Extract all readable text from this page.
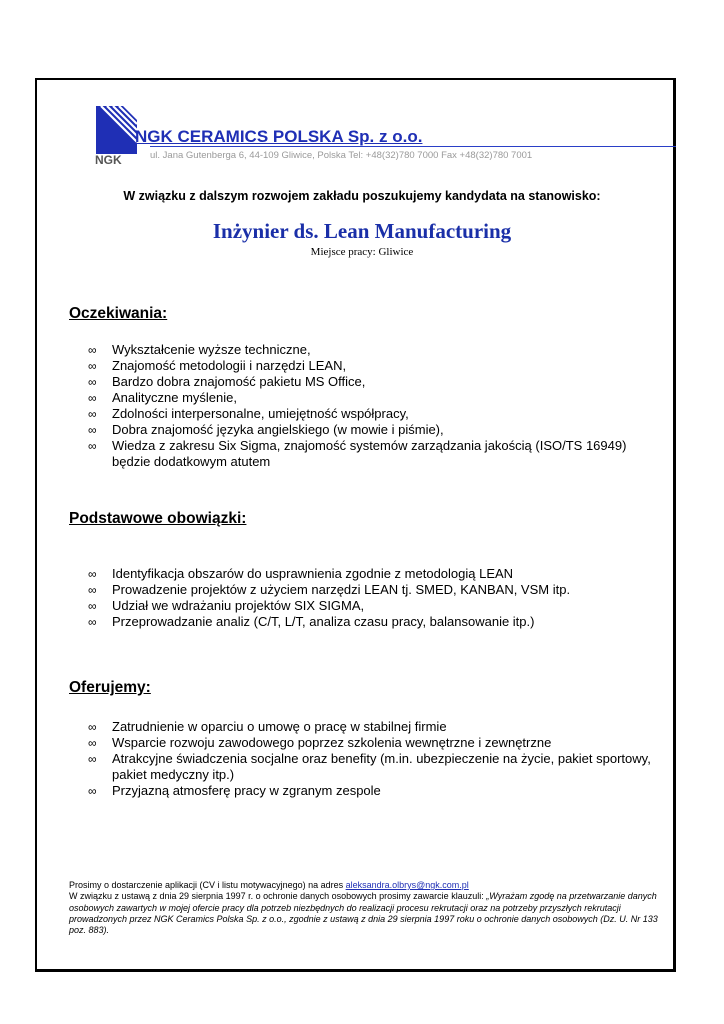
NGK
NGK CERAMICS POLSKA Sp. z o.o.
ul. Jana Gutenberga 6, 44-109 Gliwice, Polska Tel: +48(32)780 7000 Fax +48(32)780 7001
W związku z dalszym rozwojem zakładu poszukujemy kandydata na stanowisko:
Inżynier ds. Lean Manufacturing
Miejsce pracy: Gliwice
Oczekiwania:
∞ Wykształcenie wyższe techniczne,
∞ Znajomość metodologii i narzędzi LEAN,
∞ Bardzo dobra znajomość pakietu MS Office,
∞ Analityczne myślenie,
∞ Zdolności interpersonalne, umiejętność współpracy,
∞ Dobra znajomość języka angielskiego (w mowie i piśmie),
∞ Wiedza z zakresu Six Sigma, znajomość systemów zarządzania jakością (ISO/TS 16949) będzie dodatkowym atutem
Podstawowe obowiązki:
∞ Identyfikacja obszarów do usprawnienia zgodnie z metodologią LEAN
∞ Prowadzenie projektów z użyciem narzędzi LEAN tj. SMED, KANBAN, VSM itp.
∞ Udział we wdrażaniu projektów SIX SIGMA,
∞ Przeprowadzanie analiz (C/T, L/T, analiza czasu pracy, balansowanie itp.)
Oferujemy:
∞ Zatrudnienie w oparciu o umowę o pracę w stabilnej firmie
∞ Wsparcie rozwoju zawodowego poprzez szkolenia wewnętrzne i zewnętrzne
∞ Atrakcyjne świadczenia socjalne oraz benefity (m.in. ubezpieczenie na życie, pakiet sportowy, pakiet medyczny itp.)
∞ Przyjazną atmosferę pracy w zgranym zespole
Prosimy o dostarczenie aplikacji (CV i listu motywacyjnego) na adres aleksandra.olbrys@ngk.com.pl
W związku z ustawą z dnia 29 sierpnia 1997 r. o ochronie danych osobowych prosimy zawarcie klauzuli: „Wyrażam zgodę na przetwarzanie danych osobowych zawartych w mojej ofercie pracy dla potrzeb niezbędnych do realizacji procesu rekrutacji oraz na potrzeby przyszłych rekrutacji prowadzonych przez NGK Ceramics Polska Sp. z o.o., zgodnie z ustawą z dnia 29 sierpnia 1997 roku o ochronie danych osobowych (Dz. U. Nr 133 poz. 883).
